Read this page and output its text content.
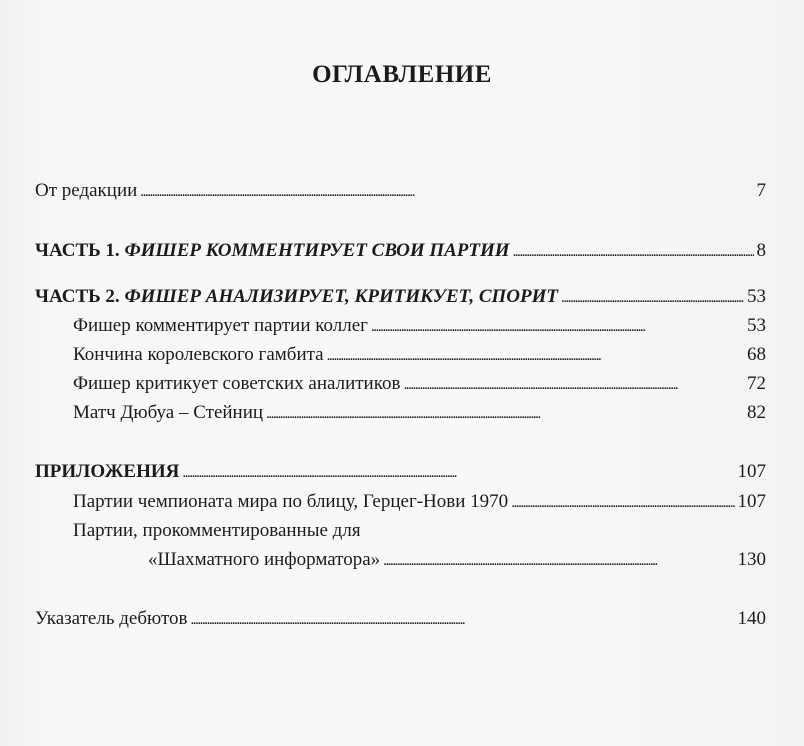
ОГЛАВЛЕНИЕ
От редакции . . .	7
ЧАСТЬ 1. ФИШЕР КОММЕНТИРУЕТ СВОИ ПАРТИИ . . .	8
ЧАСТЬ 2. ФИШЕР АНАЛИЗИРУЕТ, КРИТИКУЕТ, СПОРИТ . . .	53
Фишер комментирует партии коллег . . .	53
Кончина королевского гамбита . . .	68
Фишер критикует советских аналитиков . . .	72
Матч Дюбуа – Стейниц . . .	82
ПРИЛОЖЕНИЯ . . .	107
Партии чемпионата мира по блицу, Герцег-Нови 1970 . . .	107
Партии, прокомментированные для
«Шахматного информатора» . . .	130
Указатель дебютов . . .	140
